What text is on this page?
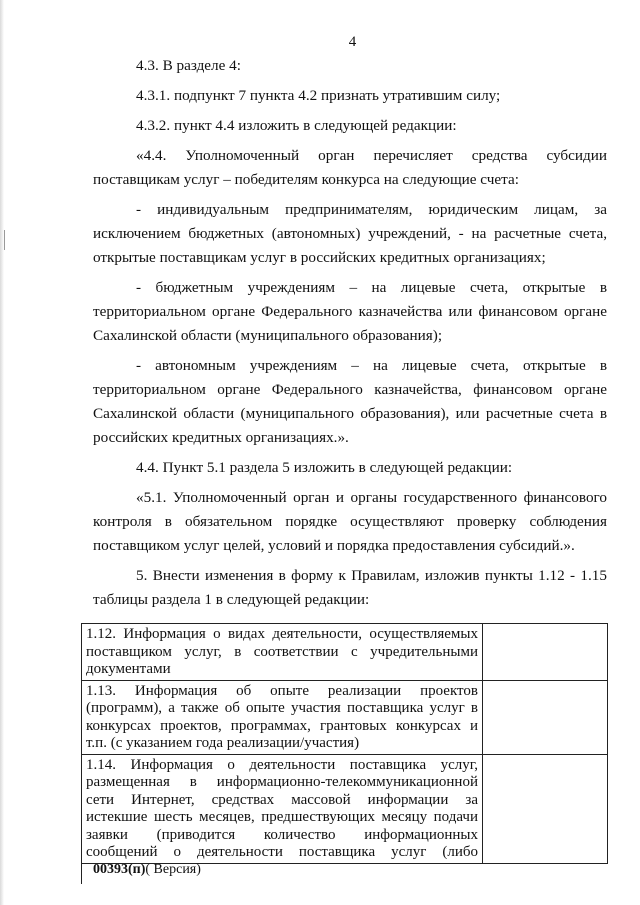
4
4.3. В разделе 4:
4.3.1. подпункт 7 пункта 4.2 признать утратившим силу;
4.3.2. пункт 4.4 изложить в следующей редакции:
«4.4. Уполномоченный орган перечисляет средства субсидии
поставщикам услуг – победителям конкурса на следующие счета:
- индивидуальным предпринимателям, юридическим лицам, за
исключением бюджетных (автономных) учреждений, - на расчетные счета,
открытые поставщикам услуг в российских кредитных организациях;
- бюджетным учреждениям – на лицевые счета, открытые в
территориальном органе Федерального казначейства или финансовом органе
Сахалинской области (муниципального образования);
- автономным учреждениям – на лицевые счета, открытые в
территориальном органе Федерального казначейства, финансовом органе
Сахалинской области (муниципального образования), или расчетные счета в
российских кредитных организациях.».
4.4. Пункт 5.1 раздела 5 изложить в следующей редакции:
«5.1. Уполномоченный орган и органы государственного финансового
контроля в обязательном порядке осуществляют проверку соблюдения
поставщиком услуг целей, условий и порядка предоставления субсидий.».
5. Внести изменения в форму к Правилам, изложив пункты 1.12 - 1.15
таблицы раздела 1 в следующей редакции:
1.12. Информация о видах деятельности, осуществляемых
поставщиком услуг, в соответствии с учредительными
документами
1.13. Информация об опыте реализации проектов
(программ), а также об опыте участия поставщика услуг в
конкурсах проектов, программах, грантовых конкурсах и
т.п. (с указанием года реализации/участия)
1.14. Информация о деятельности поставщика услуг,
размещенная в информационно-телекоммуникационной
сети Интернет, средствах массовой информации за
истекшие шесть месяцев, предшествующих месяцу подачи
заявки (приводится количество информационных
сообщений о деятельности поставщика услуг (либо
00393(п)( Версия)
